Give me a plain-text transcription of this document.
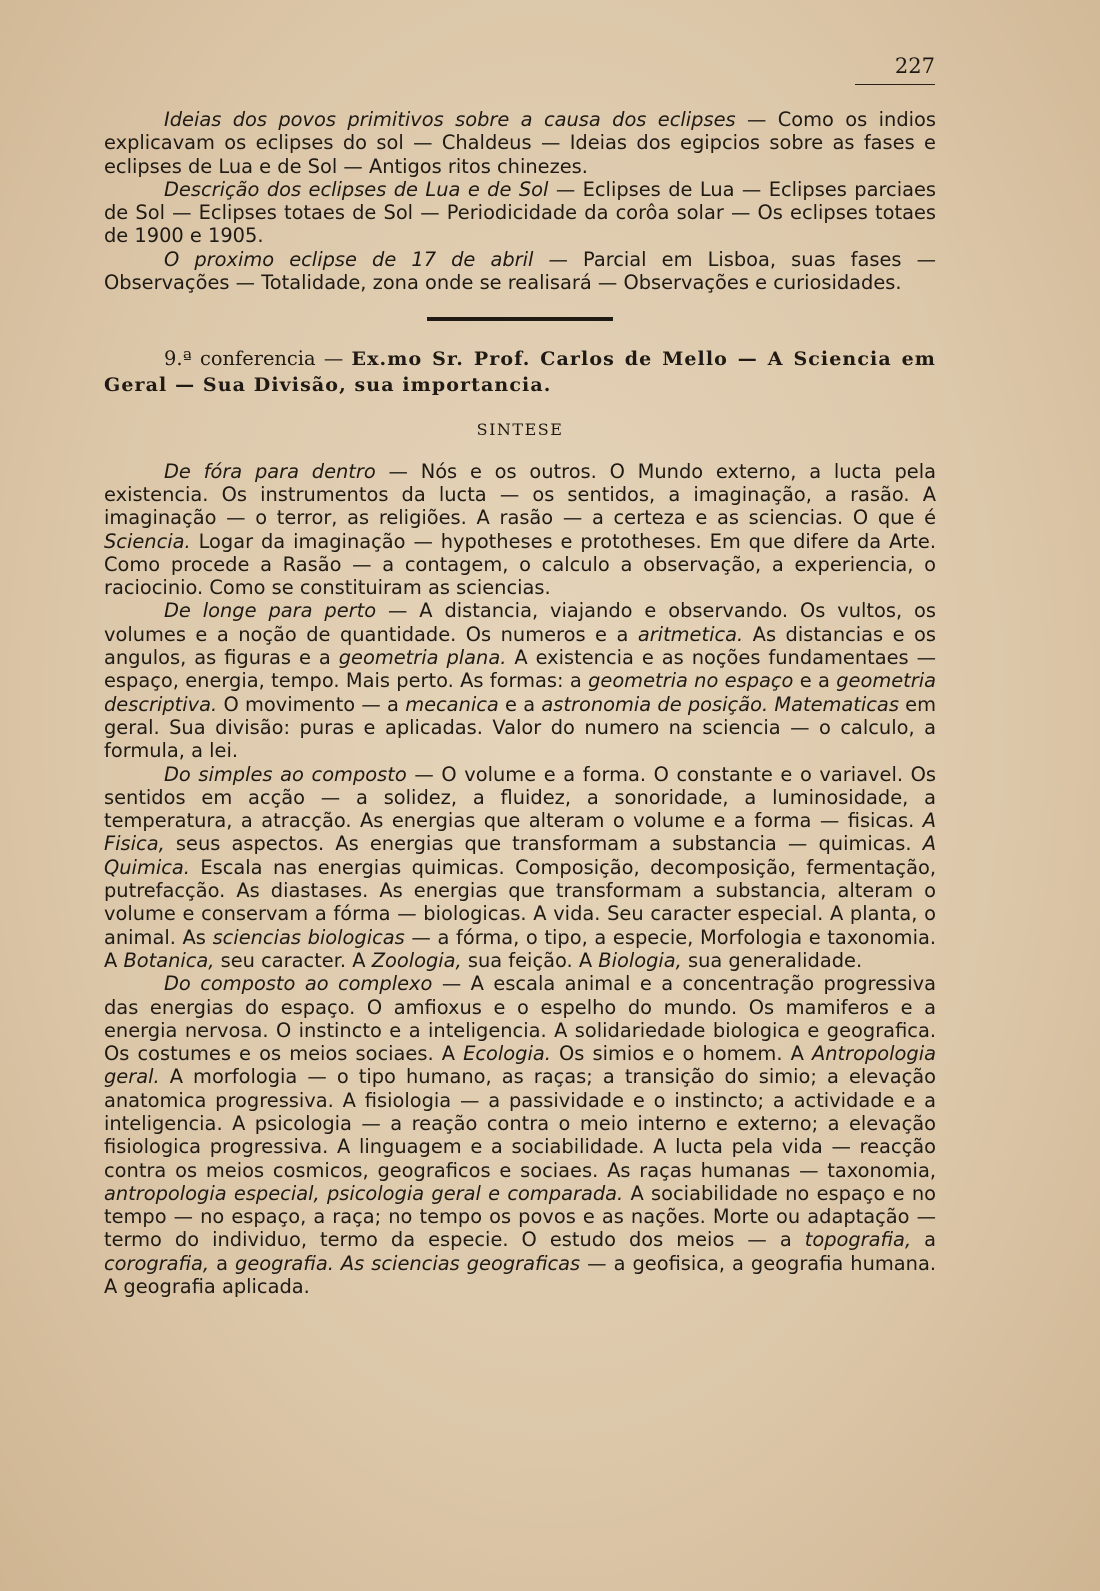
227

Ideias dos povos primitivos sobre a causa dos eclipses — Como os indios explicavam os eclipses do sol — Chaldeus — Ideias dos egipcios sobre as fases e eclipses de Lua e de Sol — Antigos ritos chinezes.

Descrição dos eclipses de Lua e de Sol — Eclipses de Lua — Eclipses parciaes de Sol — Eclipses totaes de Sol — Periodicidade da corôa solar — Os eclipses totaes de 1900 e 1905.

O proximo eclipse de 17 de abril — Parcial em Lisboa, suas fases — Observações — Totalidade, zona onde se realisará — Observações e curiosidades.

9.ª conferencia — Ex.mo Sr. Prof. Carlos de Mello — A Sciencia em Geral — Sua Divisão, sua importancia.
SINTESE

De fóra para dentro — Nós e os outros. O Mundo externo, a lucta pela existencia. Os instrumentos da lucta — os sentidos, a imaginação, a rasão. A imaginação — o terror, as religiões. A rasão — a certeza e as sciencias. O que é Sciencia. Logar da imaginação — hypotheses e prototheses. Em que difere da Arte. Como procede a Rasão — a contagem, o calculo a observação, a experiencia, o raciocinio. Como se constituiram as sciencias.

De longe para perto — A distancia, viajando e observando. Os vultos, os volumes e a noção de quantidade. Os numeros e a aritmetica. As distancias e os angulos, as figuras e a geometria plana. A existencia e as noções fundamentaes — espaço, energia, tempo. Mais perto. As formas: a geometria no espaço e a geometria descriptiva. O movimento — a mecanica e a astronomia de posição. Matematicas em geral. Sua divisão: puras e aplicadas. Valor do numero na sciencia — o calculo, a formula, a lei.

Do simples ao composto — O volume e a forma. O constante e o variavel. Os sentidos em acção — a solidez, a fluidez, a sonoridade, a luminosidade, a temperatura, a atracção. As energias que alteram o volume e a forma — fisicas. A Fisica, seus aspectos. As energias que transformam a substancia — quimicas. A Quimica. Escala nas energias quimicas. Composição, decomposição, fermentação, putrefacção. As diastases. As energias que transformam a substancia, alteram o volume e conservam a fórma — biologicas. A vida. Seu caracter especial. A planta, o animal. As sciencias biologicas — a fórma, o tipo, a especie, Morfologia e taxonomia. A Botanica, seu caracter. A Zoologia, sua feição. A Biologia, sua generalidade.

Do composto ao complexo — A escala animal e a concentração progressiva das energias do espaço. O amfioxus e o espelho do mundo. Os mamiferos e a energia nervosa. O instincto e a inteligencia. A solidariedade biologica e geografica. Os costumes e os meios sociaes. A Ecologia. Os simios e o homem. A Antropologia geral. A morfologia — o tipo humano, as raças; a transição do simio; a elevação anatomica progressiva. A fisiologia — a passividade e o instincto; a actividade e a inteligencia. A psicologia — a reação contra o meio interno e externo; a elevação fisiologica progressiva. A linguagem e a sociabilidade. A lucta pela vida — reacção contra os meios cosmicos, geograficos e sociaes. As raças humanas — taxonomia, antropologia especial, psicologia geral e comparada. A sociabilidade no espaço e no tempo — no espaço, a raça; no tempo os povos e as nações. Morte ou adaptação — termo do individuo, termo da especie. O estudo dos meios — a topografia, a corografia, a geografia. As sciencias geograficas — a geofisica, a geografia humana. A geografia aplicada.
